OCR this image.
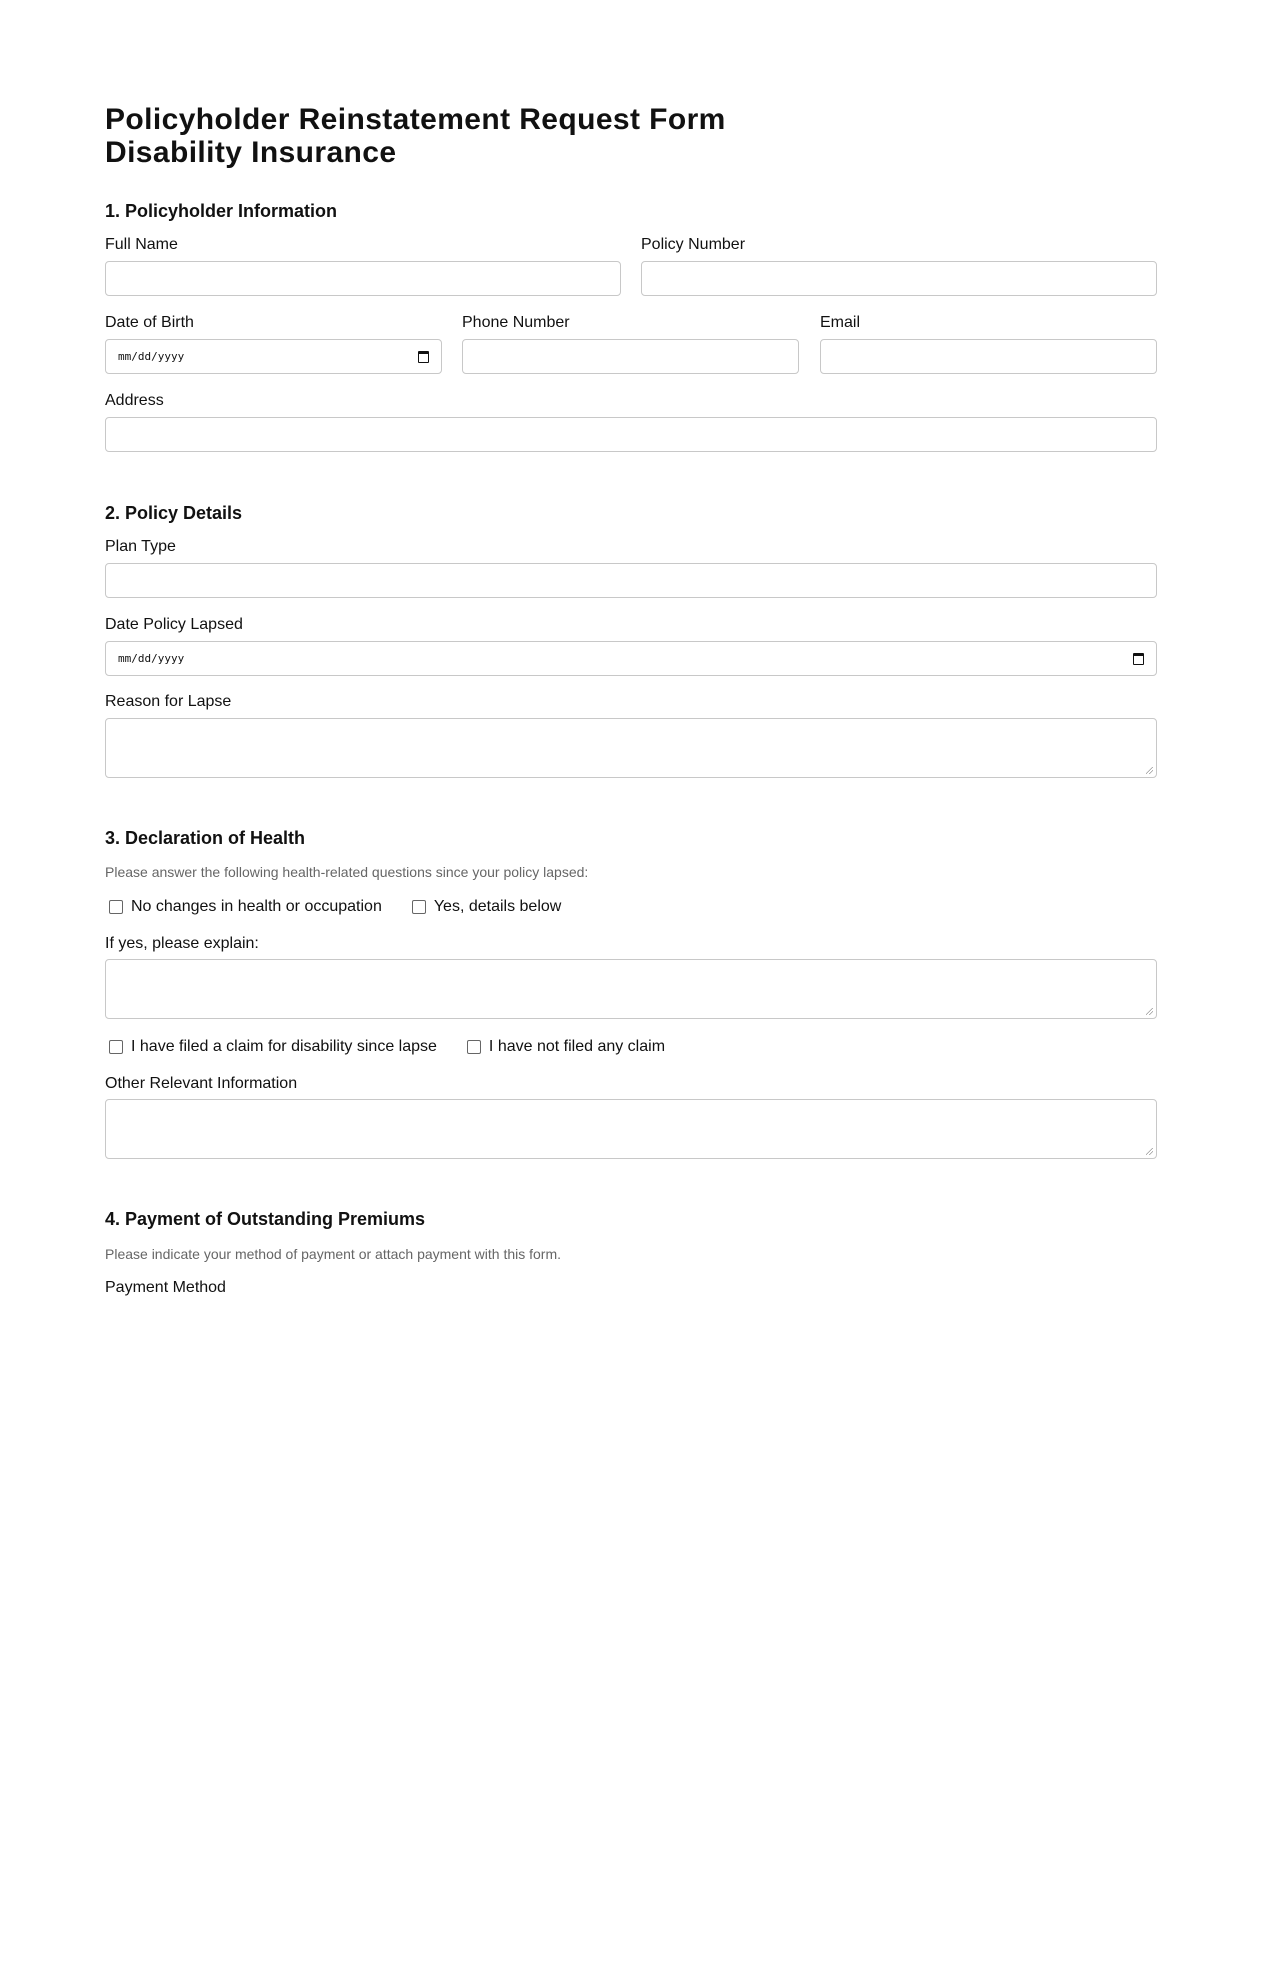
Policyholder Reinstatement Request Form
Disability Insurance
1. Policyholder Information
Full Name	Policy Number
Date of Birth	Phone Number	Email
mm/dd/yyyy
Address
2. Policy Details
Plan Type
Date Policy Lapsed
mm/dd/yyyy
Reason for Lapse
3. Declaration of Health
Please answer the following health-related questions since your policy lapsed:
No changes in health or occupation	Yes, details below
If yes, please explain:
I have filed a claim for disability since lapse	I have not filed any claim
Other Relevant Information
4. Payment of Outstanding Premiums
Please indicate your method of payment or attach payment with this form.
Payment Method
